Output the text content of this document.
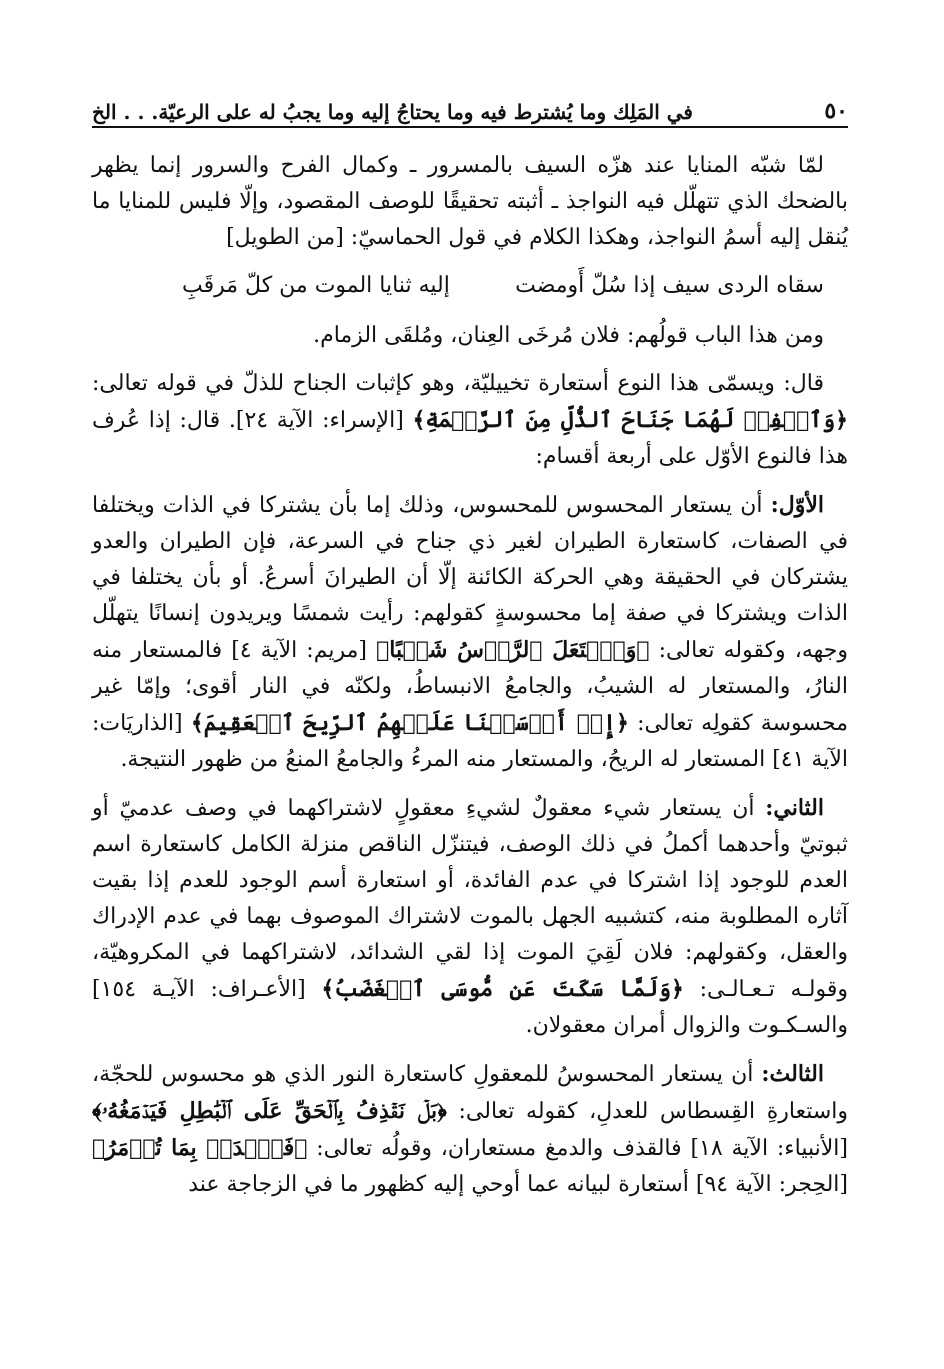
٥٠
في المَلِك وما يُشترط فيه وما يحتاجُ إليه وما يجبُ له على الرعيّة. . . الخ

لمّا شبّه المنايا عند هزّه السيف بالمسرور ـ وكمال الفرح والسرور إنما يظهر بالضحك الذي تتهلّل فيه النواجذ ـ أثبته تحقيقًا للوصف المقصود، وإلّا فليس للمنايا ما يُنقل إليه أسمُ النواجذ، وهكذا الكلام في قول الحماسيّ: [من الطويل]

سقاه الردى سيف إذا سُلّ أَومضت
إليه ثنايا الموت من كلّ مَرقَبِ

ومن هذا الباب قولُهم: فلان مُرخَى العِنان، ومُلقَى الزمام.

قال: ويسمّى هذا النوع أستعارة تخييليّة، وهو كإثبات الجناح للذلّ في قوله تعالى: ﴿وَٱخۡفِضۡ لَهُمَا جَنَاحَ ٱلذُّلِّ مِنَ ٱلرَّحۡمَةِ﴾ [الإسراء: الآية ٢٤]. قال: إذا عُرف هذا فالنوع الأوّل على أربعة أقسام:

الأوّل: أن يستعار المحسوس للمحسوس، وذلك إما بأن يشتركا في الذات ويختلفا في الصفات، كاستعارة الطيران لغير ذي جناح في السرعة، فإن الطيران والعدو يشتركان في الحقيقة وهي الحركة الكائنة إلّا أن الطيرانَ أسرعُ. أو بأن يختلفا في الذات ويشتركا في صفة إما محسوسةٍ كقولهم: رأيت شمسًا ويريدون إنسانًا يتهلّل وجهه، وكقوله تعالى: ﴿وَٱشۡتَعَلَ ٱلرَّأۡسُ شَيۡبًا﴾ [مريم: الآية ٤] فالمستعار منه النارُ، والمستعار له الشيبُ، والجامعُ الانبساطُ، ولكنّه في النار أقوى؛ وإمّا غير محسوسة كقولِه تعالى: ﴿إِذۡ أَرۡسَلۡنَا عَلَيۡهِمُ ٱلرِّيحَ ٱلۡعَقِيمَ﴾ [الذاريَات: الآية ٤١] المستعار له الريحُ، والمستعار منه المرءُ والجامعُ المنعُ من ظهور النتيجة.

الثاني: أن يستعار شيء معقولٌ لشيءِ معقولٍ لاشتراكهما في وصف عدميّ أو ثبوتيّ وأحدهما أكملُ في ذلك الوصف، فيتنزّل الناقص منزلة الكامل كاستعارة اسم العدم للوجود إذا اشتركا في عدم الفائدة، أو استعارة أسم الوجود للعدم إذا بقيت آثاره المطلوبة منه، كتشبيه الجهل بالموت لاشتراك الموصوف بهما في عدم الإدراك والعقل، وكقولهم: فلان لَقِيَ الموت إذا لقي الشدائد، لاشتراكهما في المكروهيّة، وقولـه تـعـالـى: ﴿وَلَمَّا سَكَتَ عَن مُّوسَى ٱلۡغَضَبُ﴾ [الأعـراف: الآيـة ١٥٤] والسـكـوت والزوال أمران معقولان.

الثالث: أن يستعار المحسوسُ للمعقولِ كاستعارة النور الذي هو محسوس للحجّة، واستعارةِ القِسطاس للعدلِ، كقوله تعالى: ﴿بَلۡ نَقۡذِفُ بِٱلۡحَقِّ عَلَى ٱلۡبَٰطِلِ فَيَدۡمَغُهُۥ﴾ [الأنبياء: الآية ١٨] فالقذف والدمغ مستعاران، وقولُه تعالى: ﴿فَٱصۡدَعۡ بِمَا تُؤۡمَرُ﴾ [الحِجر: الآية ٩٤] أستعارة لبيانه عما أوحي إليه كظهور ما في الزجاجة عند
